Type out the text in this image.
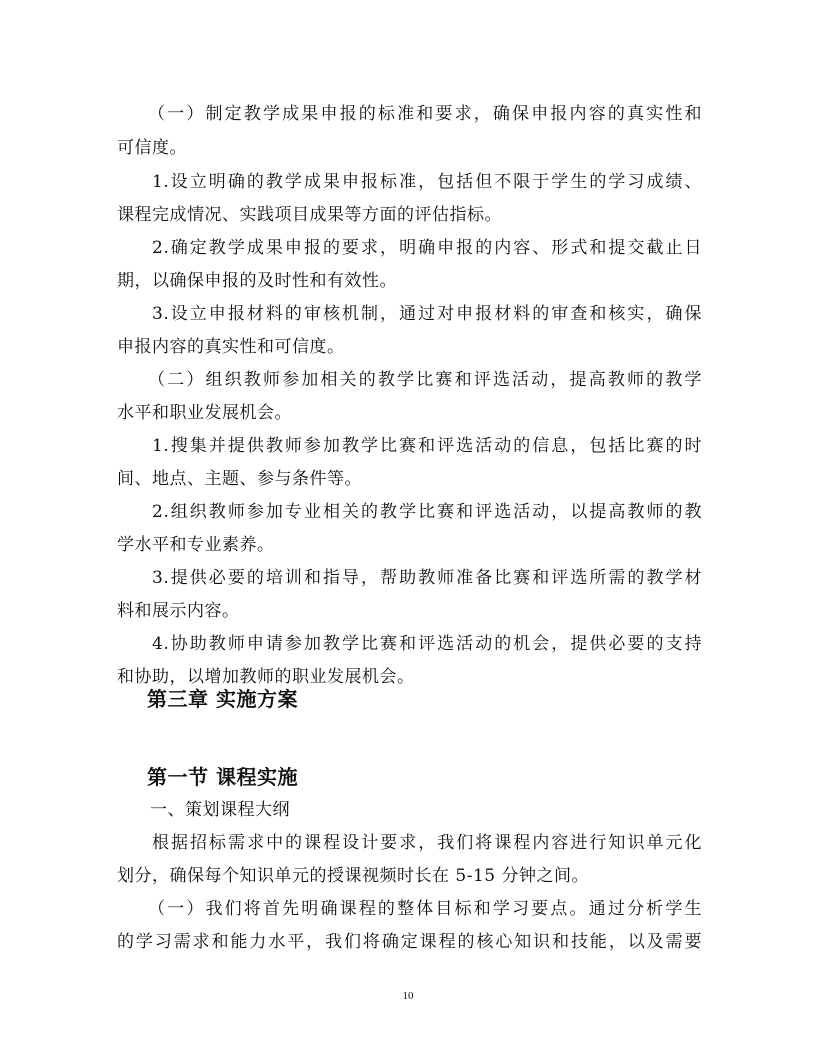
（一）制定教学成果申报的标准和要求，确保申报内容的真实性和
可信度。
1.设立明确的教学成果申报标准，包括但不限于学生的学习成绩、
课程完成情况、实践项目成果等方面的评估指标。
2.确定教学成果申报的要求，明确申报的内容、形式和提交截止日
期，以确保申报的及时性和有效性。
3.设立申报材料的审核机制，通过对申报材料的审查和核实，确保
申报内容的真实性和可信度。
（二）组织教师参加相关的教学比赛和评选活动，提高教师的教学
水平和职业发展机会。
1.搜集并提供教师参加教学比赛和评选活动的信息，包括比赛的时
间、地点、主题、参与条件等。
2.组织教师参加专业相关的教学比赛和评选活动，以提高教师的教
学水平和专业素养。
3.提供必要的培训和指导，帮助教师准备比赛和评选所需的教学材
料和展示内容。
4.协助教师申请参加教学比赛和评选活动的机会，提供必要的支持
和协助，以增加教师的职业发展机会。
第三章 实施方案
第一节 课程实施
一、策划课程大纲
根据招标需求中的课程设计要求，我们将课程内容进行知识单元化
划分，确保每个知识单元的授课视频时长在 5-15 分钟之间。
（一）我们将首先明确课程的整体目标和学习要点。通过分析学生
的学习需求和能力水平，我们将确定课程的核心知识和技能，以及需要
10
